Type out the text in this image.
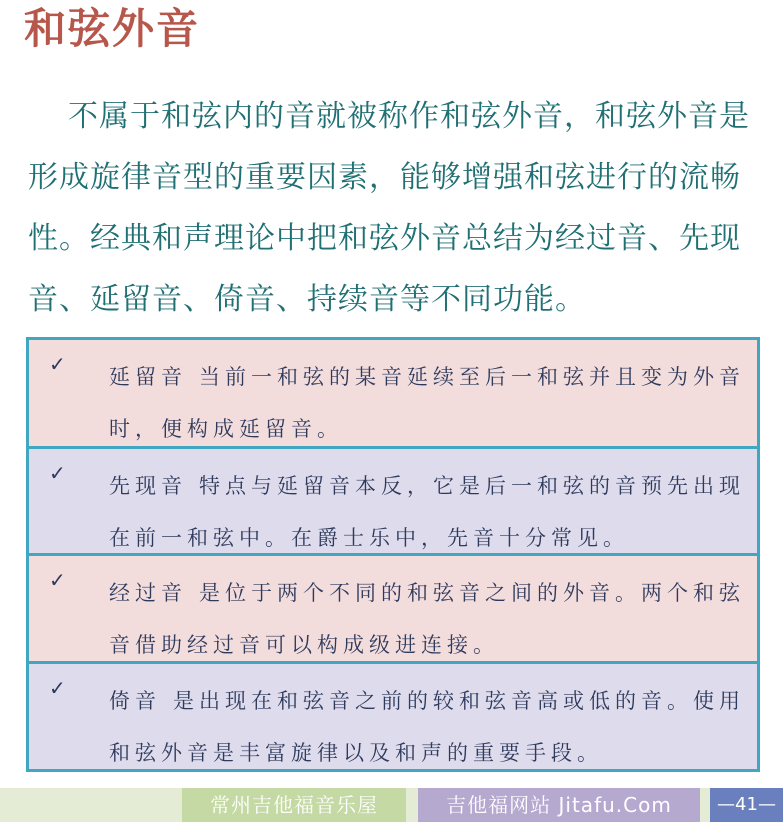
和弦外音

不属于和弦内的音就被称作和弦外音，和弦外音是形成旋律音型的重要因素，能够增强和弦进行的流畅性。经典和声理论中把和弦外音总结为经过音、先现音、延留音、倚音、持续音等不同功能。

✓

延留音 当前一和弦的某音延续至后一和弦并且变为外音时，便构成延留音。

✓

先现音 特点与延留音本反，它是后一和弦的音预先出现在前一和弦中。在爵士乐中，先音十分常见。

✓

经过音 是位于两个不同的和弦音之间的外音。两个和弦音借助经过音可以构成级进连接。

✓

倚音 是出现在和弦音之前的较和弦音高或低的音。使用和弦外音是丰富旋律以及和声的重要手段。

常州吉他福音乐屋	吉他福网站 Jitafu.Com	—41—
